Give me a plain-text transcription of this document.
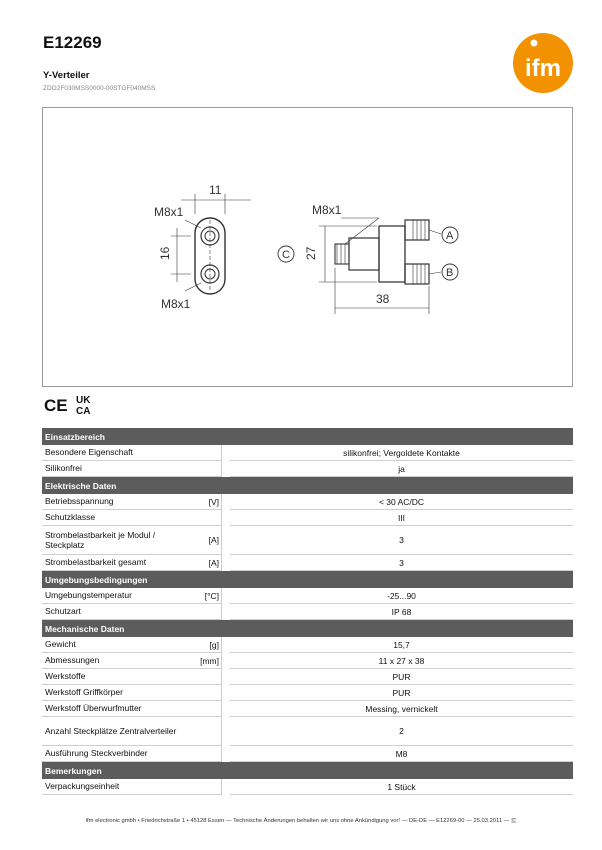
E12269
Y-Verteiler
ZDO2F030MSS0000-00STGF040MSS
ifm
11
M8x1
16
M8x1
M8x1
27
38
A
B
C
CE UK
CA
Einsatzbereich			
Besondere Eigenschaft			silikonfrei; Vergoldete Kontakte
Silikonfrei			ja
Elektrische Daten			
Betriebsspannung	[V]		< 30 AC/DC
Schutzklasse			III
Strombelastbarkeit je Modul / Steckplatz	[A]		3
Strombelastbarkeit gesamt	[A]		3
Umgebungsbedingungen			
Umgebungstemperatur	[°C]		-25...90
Schutzart			IP 68
Mechanische Daten			
Gewicht	[g]		15,7
Abmessungen	[mm]		11 x 27 x 38
Werkstoffe			PUR
Werkstoff Griffkörper			PUR
Werkstoff Überwurfmutter			Messing, vernickelt
Anzahl Steckplätze Zentralverteiler			2
Ausführung Steckverbinder			M8
Bemerkungen			
Verpackungseinheit			1 Stück
ifm electronic gmbh • Friedrichstraße 1 • 45128 Essen — Technische Änderungen behalten wir uns ohne Ankündigung vor! — DE-DE — E12269-00 — 25.03.2011 — 🇨
